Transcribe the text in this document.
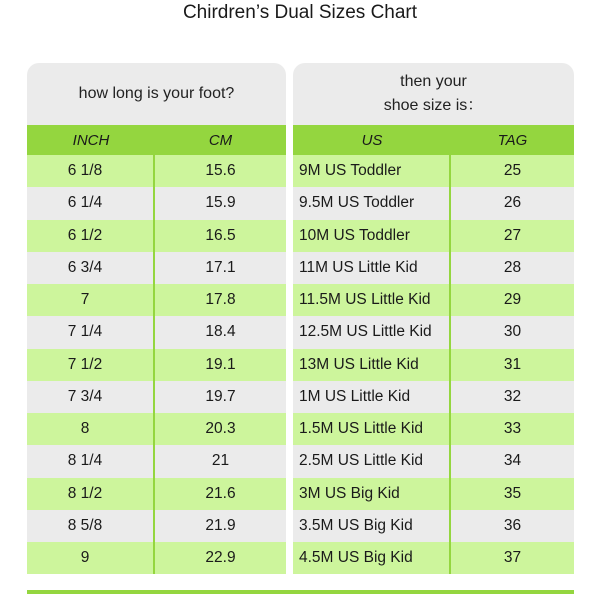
Chirdren’s Dual Sizes Chart
how long is your foot?
INCH	CM
6 1/8	15.6
6 1/4	15.9
6 1/2	16.5
6 3/4	17.1
7	17.8
7 1/4	18.4
7 1/2	19.1
7 3/4	19.7
8	20.3
8 1/4	21
8 1/2	21.6
8 5/8	21.9
9	22.9
then your
shoe size is：
US	TAG
9M US Toddler	25
9.5M US Toddler	26
10M US Toddler	27
11M US Little Kid	28
11.5M US Little Kid	29
12.5M US Little Kid	30
13M US Little Kid	31
1M US Little Kid	32
1.5M US Little Kid	33
2.5M US Little Kid	34
3M US Big Kid	35
3.5M US Big Kid	36
4.5M US Big Kid	37
